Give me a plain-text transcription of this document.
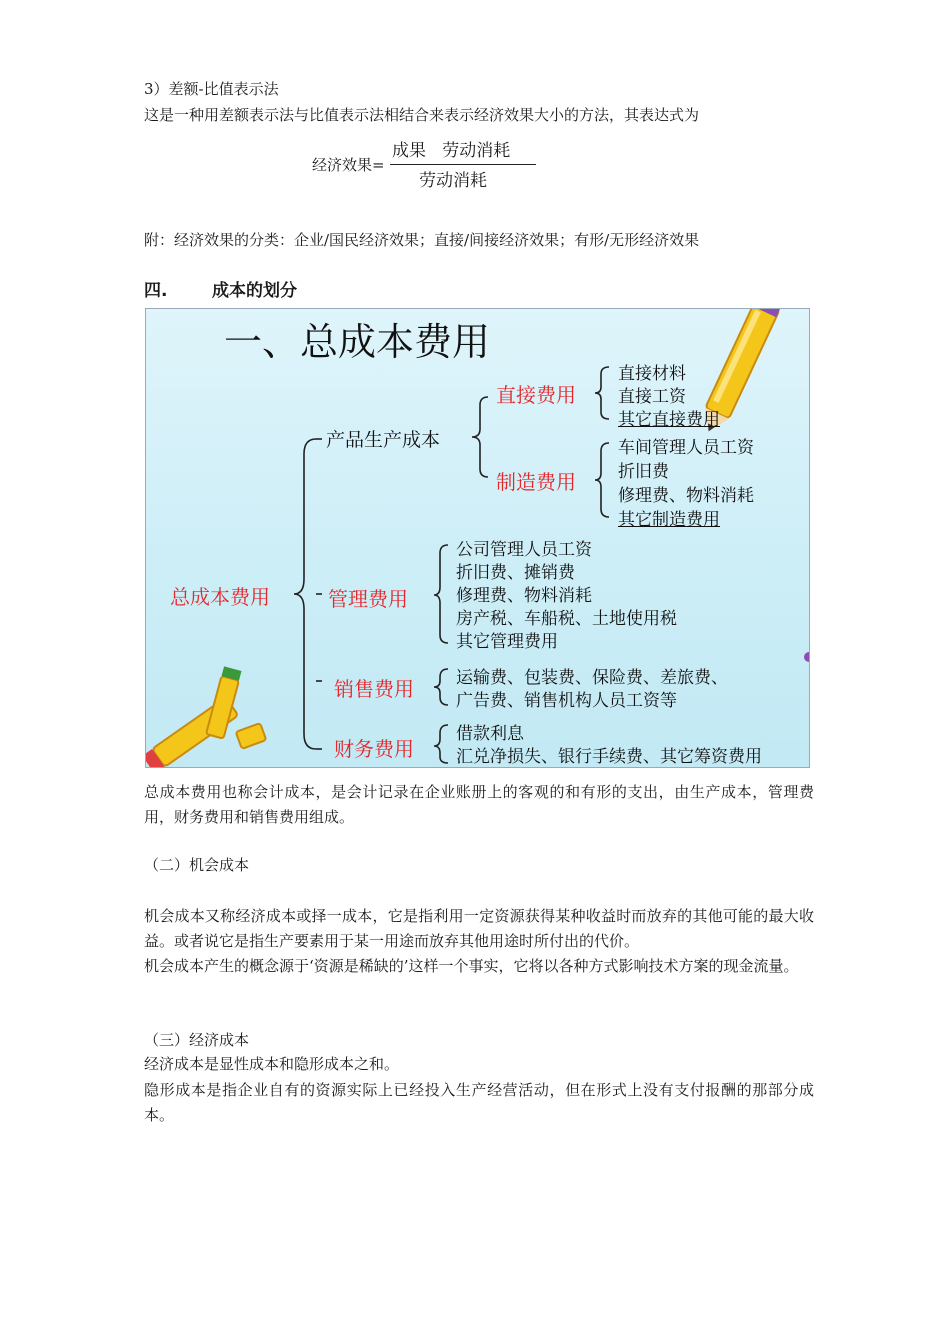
3）差额-比值表示法
这是一种用差额表示法与比值表示法相结合来表示经济效果大小的方法，其表达式为
经济效果=
成果   劳动消耗
劳动消耗
附：经济效果的分类：企业/国民经济效果；直接/间接经济效果；有形/无形经济效果
四.	成本的划分
一、总成本费用
总成本费用
产品生产成本
直接费用
直接材料
直接工资
其它直接费用
制造费用
车间管理人员工资
折旧费
修理费、物料消耗
其它制造费用
管理费用
公司管理人员工资
折旧费、摊销费
修理费、物料消耗
房产税、车船税、土地使用税
其它管理费用
销售费用 运输费、包装费、保险费、差旅费、
广告费、销售机构人员工资等
财务费用
借款利息
汇兑净损失、银行手续费、其它筹资费用
总成本费用也称会计成本，是会计记录在企业账册上的客观的和有形的支出，由生产成本，管理费用，财务费用和销售费用组成。
（二）机会成本
机会成本又称经济成本或择一成本，它是指利用一定资源获得某种收益时而放弃的其他可能的最大收益。或者说它是指生产要素用于某一用途而放弃其他用途时所付出的代价。
机会成本产生的概念源于‘资源是稀缺的’这样一个事实，它将以各种方式影响技术方案的现金流量。
（三）经济成本
经济成本是显性成本和隐形成本之和。
隐形成本是指企业自有的资源实际上已经投入生产经营活动，但在形式上没有支付报酬的那部分成本。
